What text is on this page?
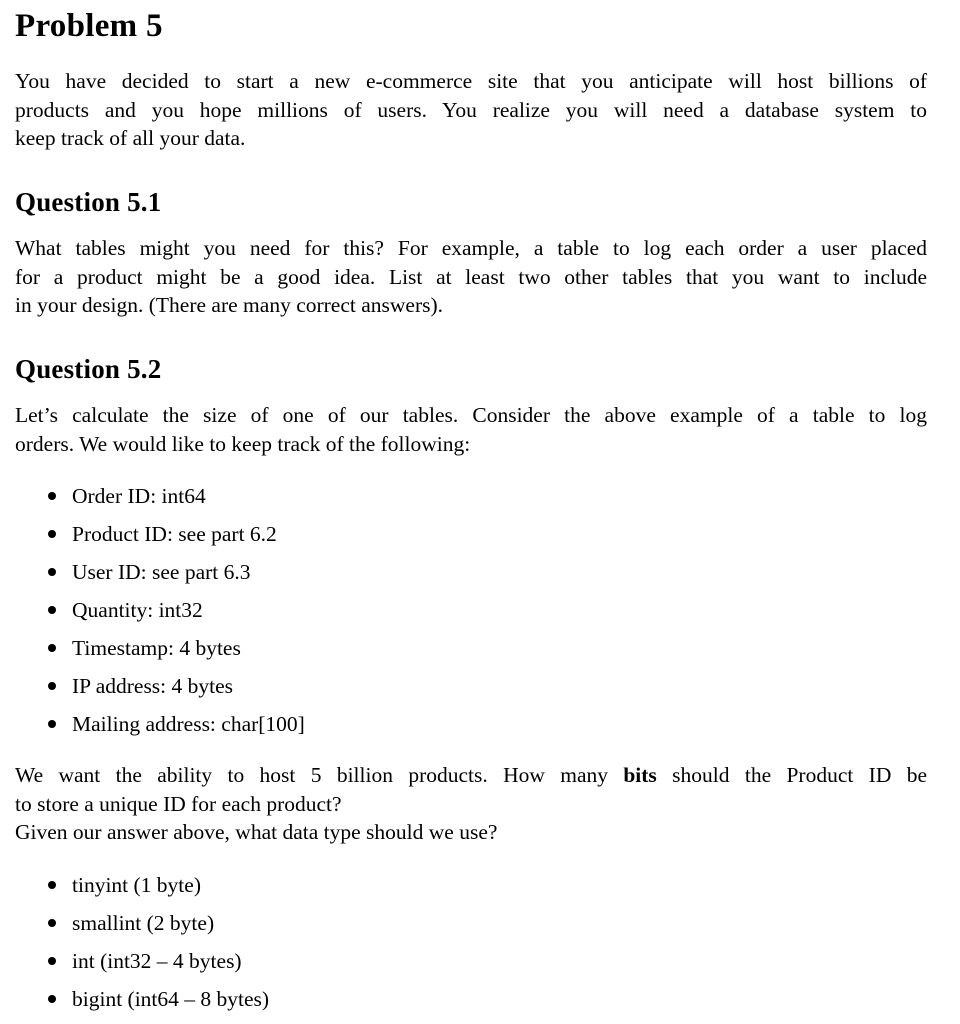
Problem 5

You have decided to start a new e-commerce site that you anticipate will host billions of
products and you hope millions of users. You realize you will need a database system to
keep track of all your data.

Question 5.1

What tables might you need for this? For example, a table to log each order a user placed
for a product might be a good idea. List at least two other tables that you want to include
in your design. (There are many correct answers).

Question 5.2

Let’s calculate the size of one of our tables. Consider the above example of a table to log
orders. We would like to keep track of the following:

Order ID: int64
Product ID: see part 6.2
User ID: see part 6.3
Quantity: int32
Timestamp: 4 bytes
IP address: 4 bytes
Mailing address: char[100]

We want the ability to host 5 billion products. How many bits should the Product ID be
to store a unique ID for each product?
Given our answer above, what data type should we use?

tinyint (1 byte)
smallint (2 byte)
int (int32 – 4 bytes)
bigint (int64 – 8 bytes)
